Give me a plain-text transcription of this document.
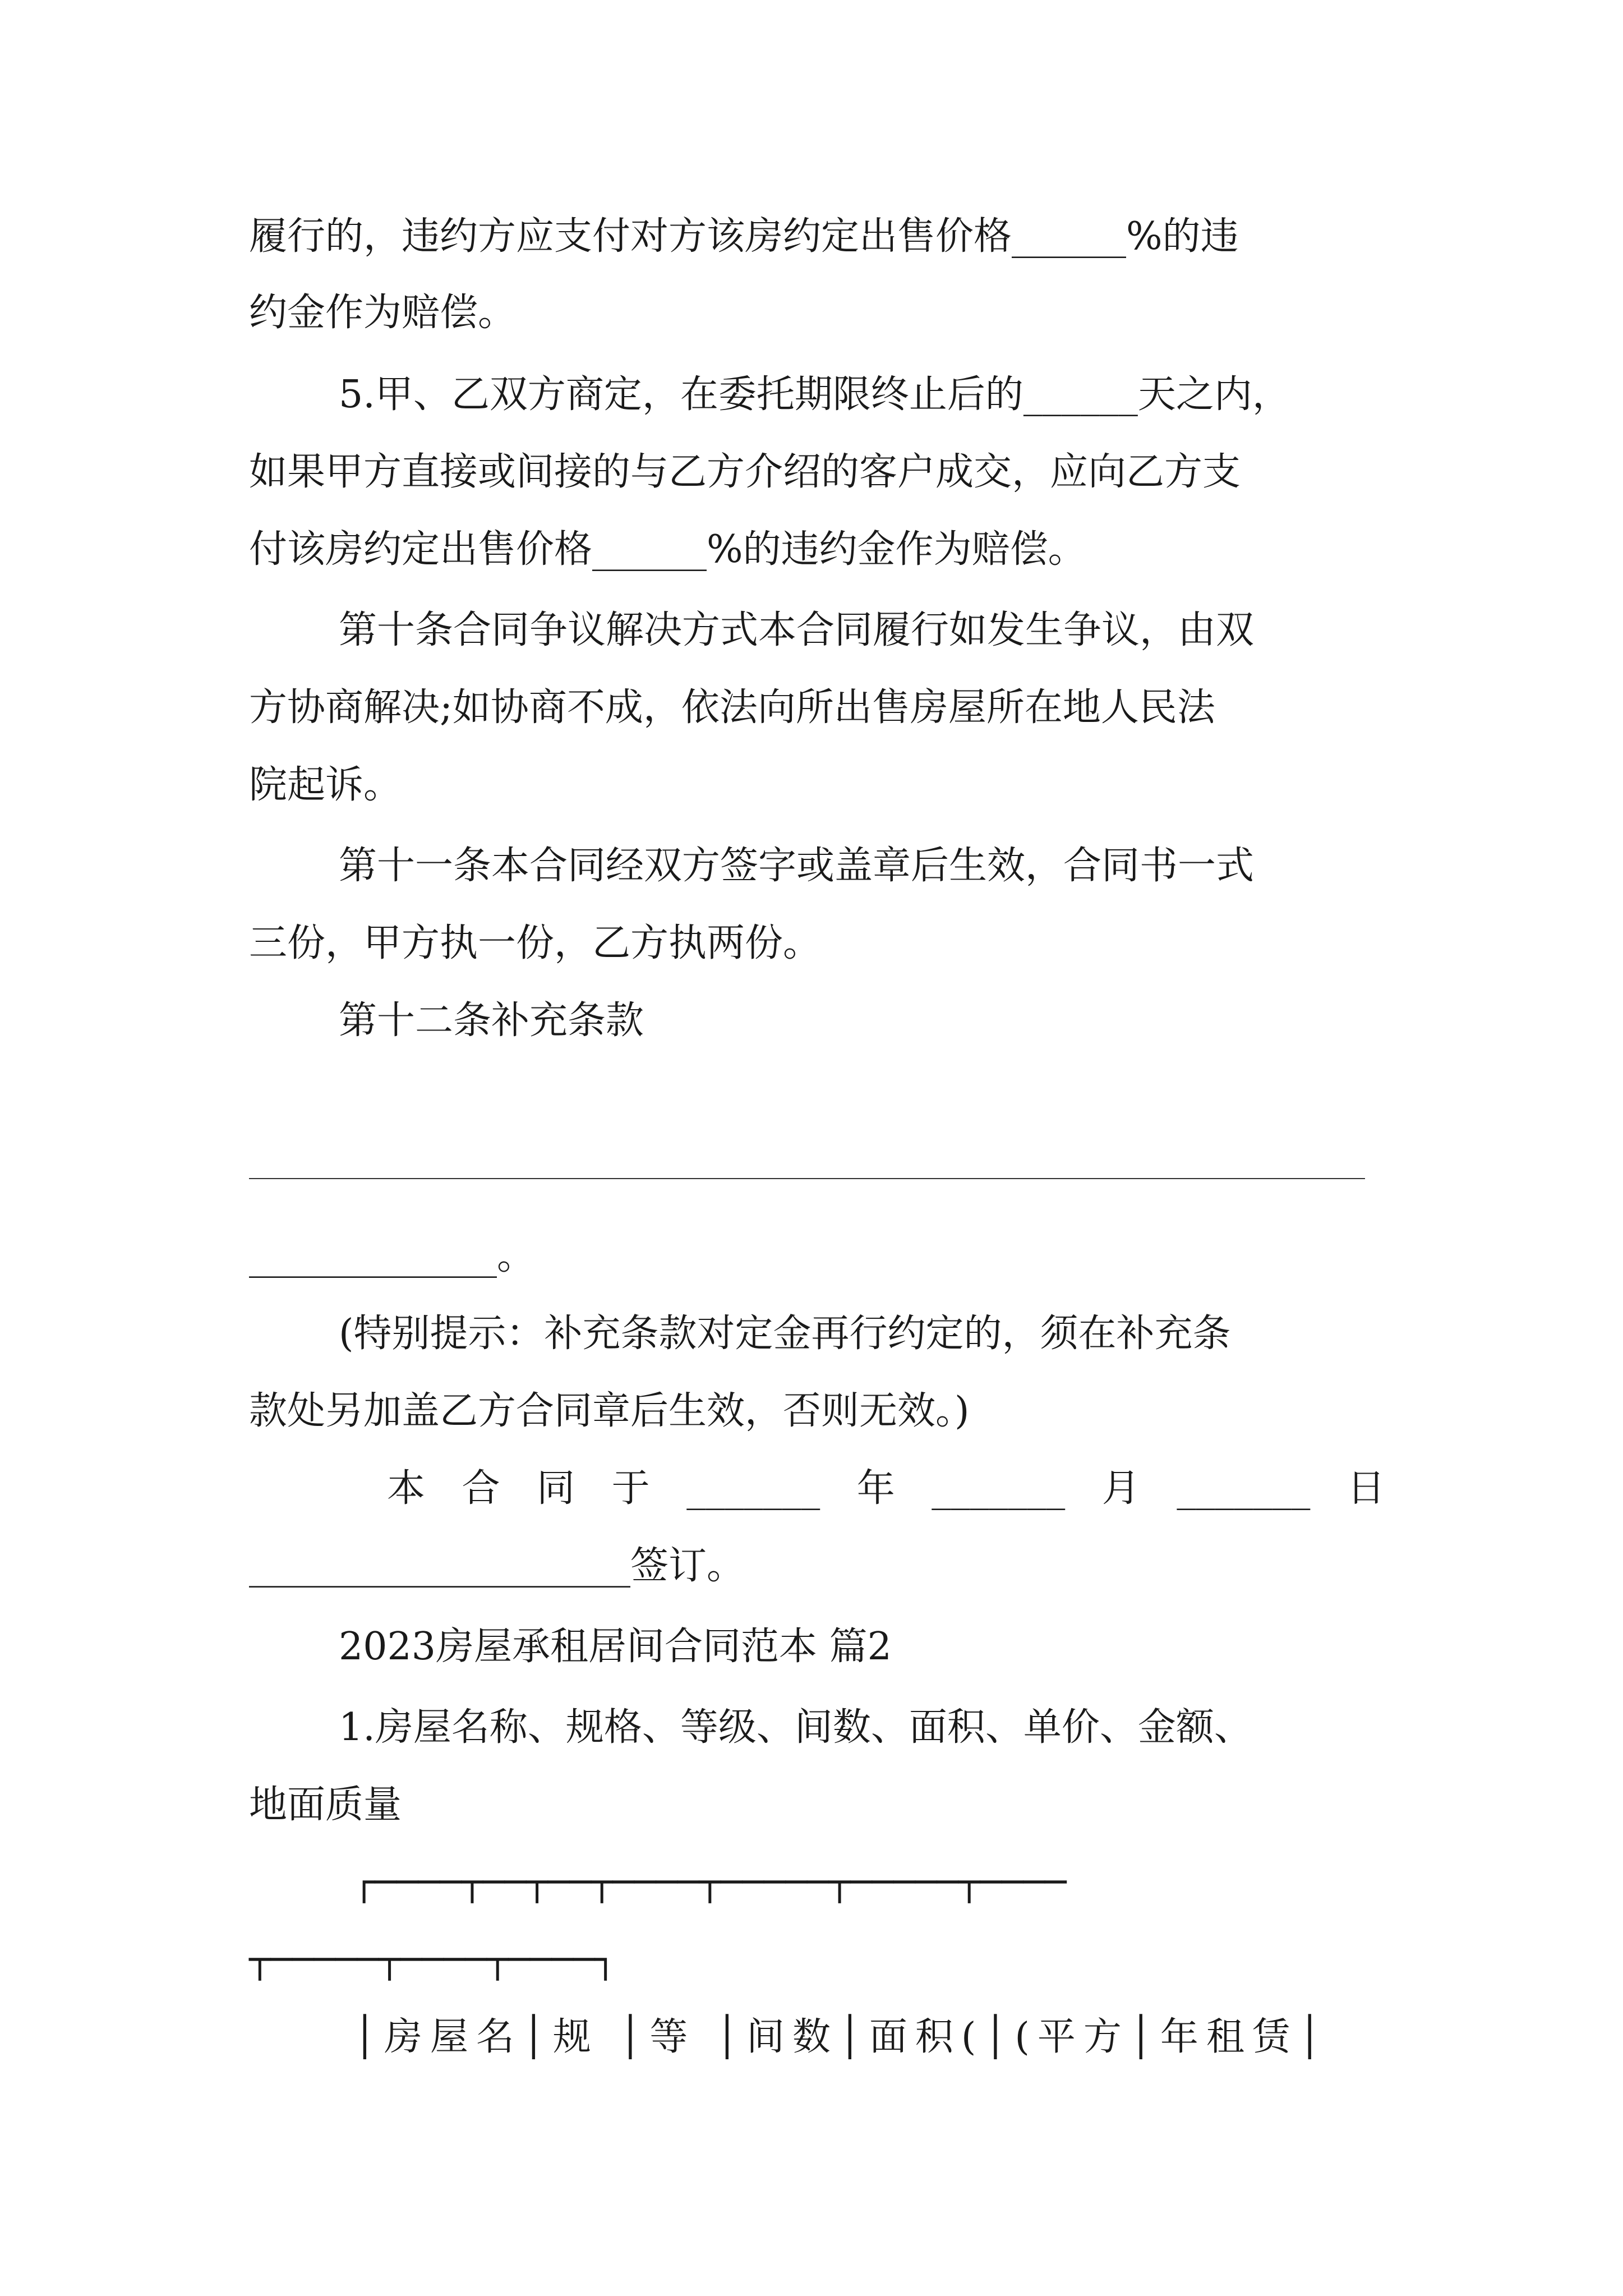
履行的，违约方应支付对方该房约定出售价格______%的违
约金作为赔偿。
5.甲、乙双方商定，在委托期限终止后的______天之内，
如果甲方直接或间接的与乙方介绍的客户成交，应向乙方支
付该房约定出售价格______%的违约金作为赔偿。
第十条合同争议解决方式本合同履行如发生争议，由双
方协商解决;如协商不成，依法向所出售房屋所在地人民法
院起诉。
第十一条本合同经双方签字或盖章后生效，合同书一式
三份，甲方执一份，乙方执两份。
第十二条补充条款
_____________。
(特别提示：补充条款对定金再行约定的，须在补充条
款处另加盖乙方合同章后生效，否则无效。)
本 合 同 于 _______ 年 _______ 月 _______ 日
____________________签订。
2023房屋承租居间合同范本 篇2
1.房屋名称、规格、等级、间数、面积、单价、金额、
地面质量
┌────┬──┬──┬────┬─────┬─────┬────
┬─────┬────┬────┐
│房屋名│规 │等 │间数│面积(│(平方│年租赁│
